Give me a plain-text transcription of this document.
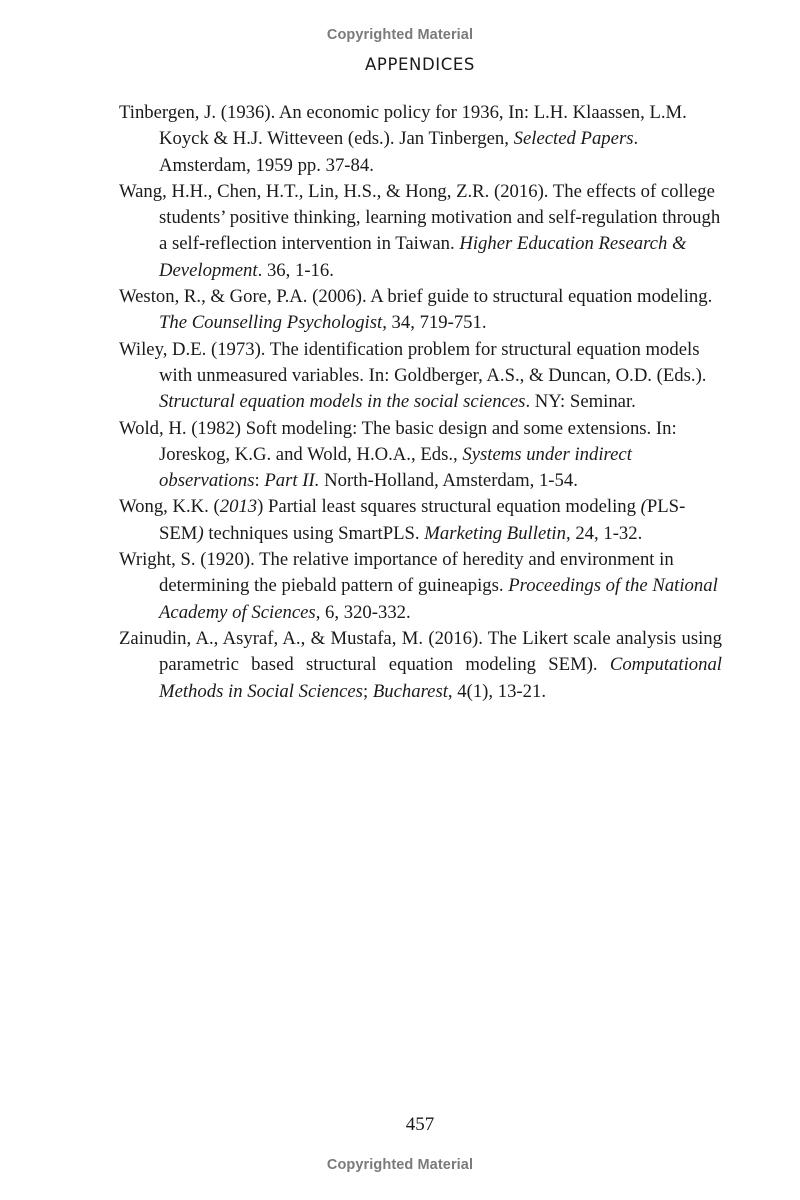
Copyrighted Material
APPENDICES

Tinbergen, J. (1936). An economic policy for 1936, In: L.H. Klaassen, L.M. Koyck & H.J. Witteveen (eds.). Jan Tinbergen, Selected Papers. Amsterdam, 1959 pp. 37-84.

Wang, H.H., Chen, H.T., Lin, H.S., & Hong, Z.R. (2016). The effects of college students’ positive thinking, learning motivation and self-regulation through a self-reflection intervention in Taiwan. Higher Education Research & Development. 36, 1-16.

Weston, R., & Gore, P.A. (2006). A brief guide to structural equation modeling. The Counselling Psychologist, 34, 719-751.

Wiley, D.E. (1973). The identification problem for structural equation models with unmeasured variables. In: Goldberger, A.S., & Duncan, O.D. (Eds.). Structural equation models in the social sciences. NY: Seminar.

Wold, H. (1982) Soft modeling: The basic design and some extensions. In: Joreskog, K.G. and Wold, H.O.A., Eds., Systems under indirect observations: Part II. North-Holland, Amsterdam, 1-54.

Wong, K.K. (2013) Partial least squares structural equation modeling (PLS-SEM) techniques using SmartPLS. Marketing Bulletin, 24, 1-32.

Wright, S. (1920). The relative importance of heredity and environment in determining the piebald pattern of guineapigs. Proceedings of the National Academy of Sciences, 6, 320-332.

Zainudin, A., Asyraf, A., & Mustafa, M. (2016). The Likert scale analysis using parametric based structural equation modeling SEM). Computational Methods in Social Sciences; Bucharest, 4(1), 13-21.

457
Copyrighted Material
